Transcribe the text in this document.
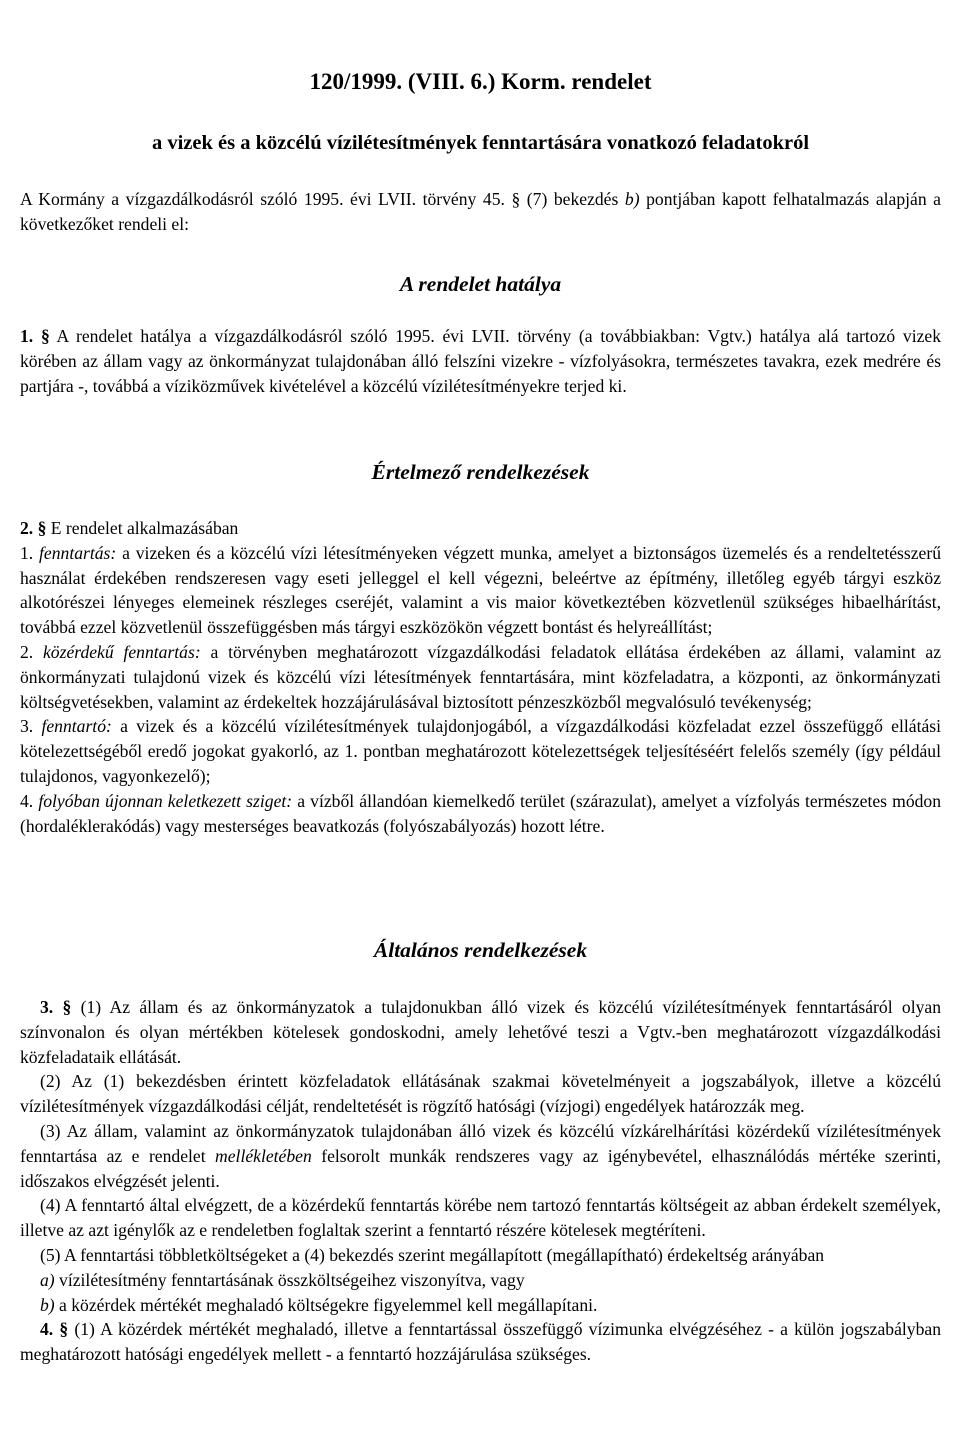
120/1999. (VIII. 6.) Korm. rendelet
a vizek és a közcélú vízilétesítmények fenntartására vonatkozó feladatokról

A Kormány a vízgazdálkodásról szóló 1995. évi LVII. törvény 45. § (7) bekezdés b) pontjában kapott felhatalmazás alapján a következőket rendeli el:

A rendelet hatálya

1. § A rendelet hatálya a vízgazdálkodásról szóló 1995. évi LVII. törvény (a továbbiakban: Vgtv.) hatálya alá tartozó vizek körében az állam vagy az önkormányzat tulajdonában álló felszíni vizekre - vízfolyásokra, természetes tavakra, ezek medrére és partjára -, továbbá a víziközművek kivételével a közcélú vízilétesítményekre terjed ki.

Értelmező rendelkezések

2. § E rendelet alkalmazásában

1. fenntartás: a vizeken és a közcélú vízi létesítményeken végzett munka, amelyet a biztonságos üzemelés és a rendeltetésszerű használat érdekében rendszeresen vagy eseti jelleggel el kell végezni, beleértve az építmény, illetőleg egyéb tárgyi eszköz alkotórészei lényeges elemeinek részleges cseréjét, valamint a vis maior következtében közvetlenül szükséges hibaelhárítást, továbbá ezzel közvetlenül összefüggésben más tárgyi eszközökön végzett bontást és helyreállítást;

2. közérdekű fenntartás: a törvényben meghatározott vízgazdálkodási feladatok ellátása érdekében az állami, valamint az önkormányzati tulajdonú vizek és közcélú vízi létesítmények fenntartására, mint közfeladatra, a központi, az önkormányzati költségvetésekben, valamint az érdekeltek hozzájárulásával biztosított pénzeszközből megvalósuló tevékenység;

3. fenntartó: a vizek és a közcélú vízilétesítmények tulajdonjogából, a vízgazdálkodási közfeladat ezzel összefüggő ellátási kötelezettségéből eredő jogokat gyakorló, az 1. pontban meghatározott kötelezettségek teljesítéséért felelős személy (így például tulajdonos, vagyonkezelő);

4. folyóban újonnan keletkezett sziget: a vízből állandóan kiemelkedő terület (szárazulat), amelyet a vízfolyás természetes módon (hordaléklerakódás) vagy mesterséges beavatkozás (folyószabályozás) hozott létre.

Általános rendelkezések

3. § (1) Az állam és az önkormányzatok a tulajdonukban álló vizek és közcélú vízilétesítmények fenntartásáról olyan színvonalon és olyan mértékben kötelesek gondoskodni, amely lehetővé teszi a Vgtv.-ben meghatározott vízgazdálkodási közfeladataik ellátását.

(2) Az (1) bekezdésben érintett közfeladatok ellátásának szakmai követelményeit a jogszabályok, illetve a közcélú vízilétesítmények vízgazdálkodási célját, rendeltetését is rögzítő hatósági (vízjogi) engedélyek határozzák meg.

(3) Az állam, valamint az önkormányzatok tulajdonában álló vizek és közcélú vízkárelhárítási közérdekű vízilétesítmények fenntartása az e rendelet mellékletében felsorolt munkák rendszeres vagy az igénybevétel, elhasználódás mértéke szerinti, időszakos elvégzését jelenti.

(4) A fenntartó által elvégzett, de a közérdekű fenntartás körébe nem tartozó fenntartás költségeit az abban érdekelt személyek, illetve az azt igénylők az e rendeletben foglaltak szerint a fenntartó részére kötelesek megtéríteni.

(5) A fenntartási többletköltségeket a (4) bekezdés szerint megállapított (megállapítható) érdekeltség arányában

a) vízilétesítmény fenntartásának összköltségeihez viszonyítva, vagy

b) a közérdek mértékét meghaladó költségekre figyelemmel kell megállapítani.

4. § (1) A közérdek mértékét meghaladó, illetve a fenntartással összefüggő vízimunka elvégzéséhez - a külön jogszabályban meghatározott hatósági engedélyek mellett - a fenntartó hozzájárulása szükséges.
